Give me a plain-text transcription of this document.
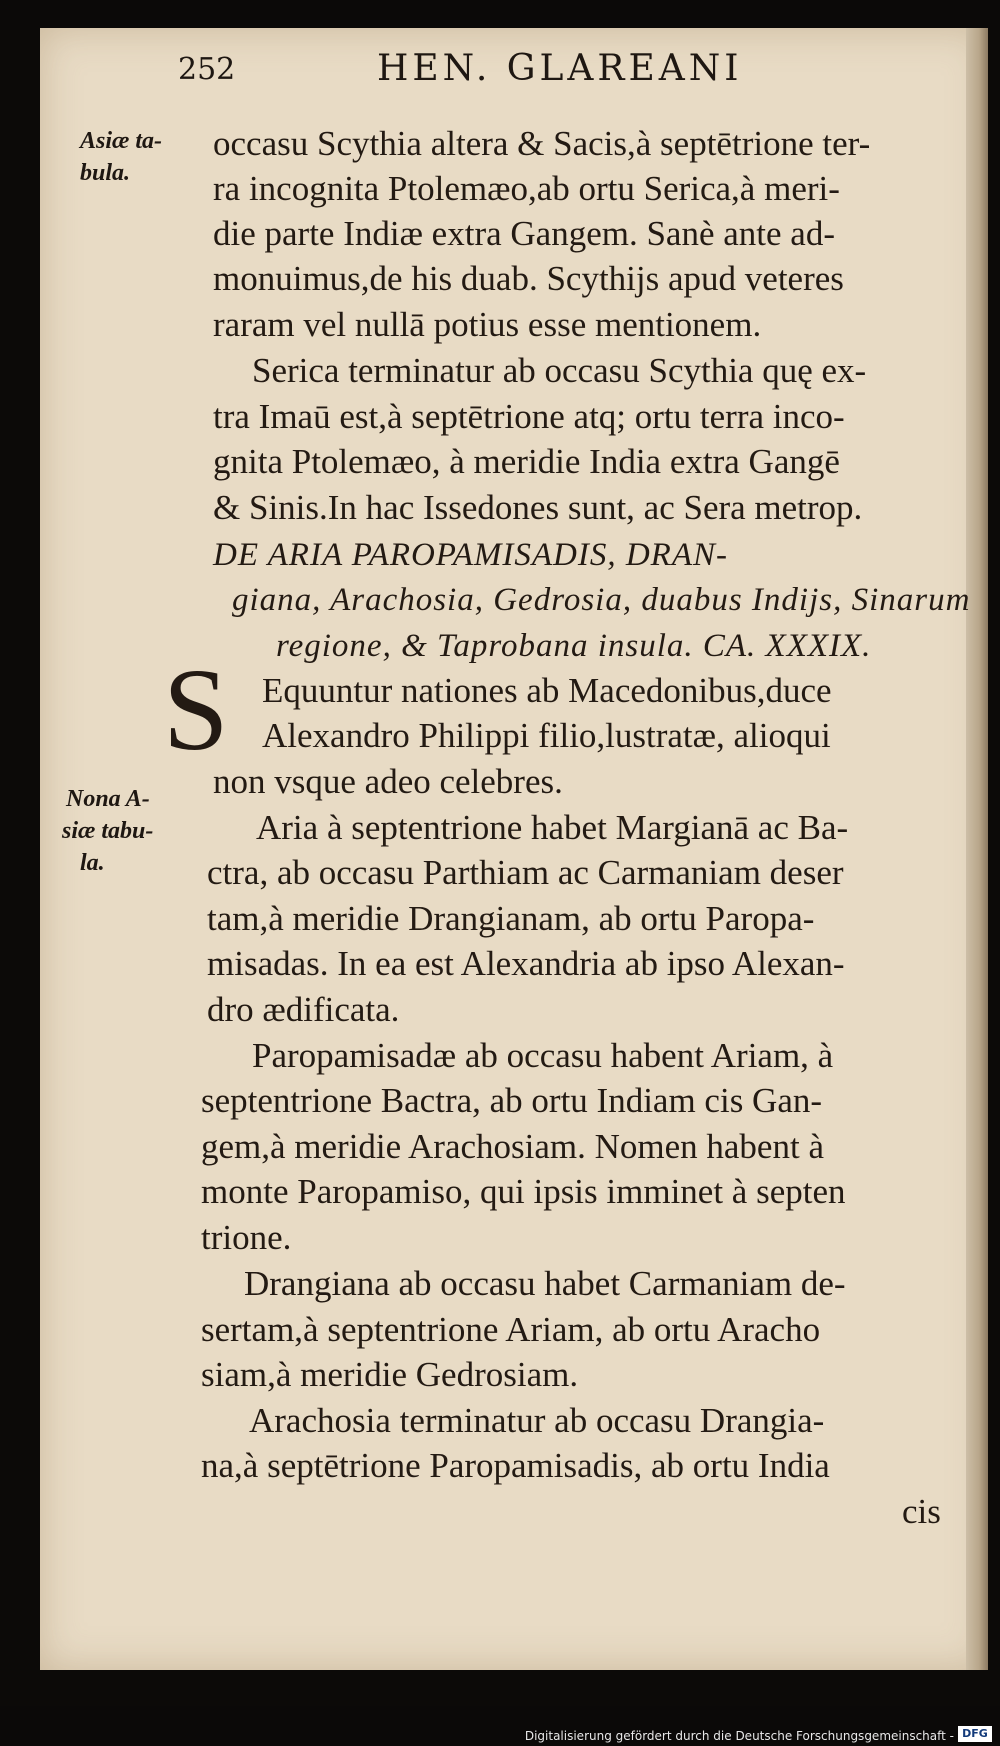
252	HEN. GLAREANI
Asiæ ta-
bula.
Nona A-
siæ tabu-
la.
occasu Scythia altera & Sacis,à septētrione ter-
ra incognita Ptolemæo,ab ortu Serica,à meri-
die parte Indiæ extra Gangem. Sanè ante ad-
monuimus,de his duab. Scythijs apud veteres
raram vel nullā potius esse mentionem.
Serica terminatur ab occasu Scythia quę ex-
tra Imaū est,à septētrione atq; ortu terra inco-
gnita Ptolemæo, à meridie India extra Gangē
& Sinis.In hac Issedones sunt, ac Sera metrop.
DE ARIA PAROPAMISADIS, DRAN-
giana, Arachosia, Gedrosia, duabus Indijs, Sinarum
regione, & Taprobana insula. CA. XXXIX.
S Equuntur nationes ab Macedonibus,duce
Alexandro Philippi filio,lustratæ, alioqui
non vsque adeo celebres.
Aria à septentrione habet Margianā ac Ba-
ctra, ab occasu Parthiam ac Carmaniam deser
tam,à meridie Drangianam, ab ortu Paropa-
misadas. In ea est Alexandria ab ipso Alexan-
dro ædificata.
Paropamisadæ ab occasu habent Ariam, à
septentrione Bactra, ab ortu Indiam cis Gan-
gem,à meridie Arachosiam. Nomen habent à
monte Paropamiso, qui ipsis imminet à septen
trione.
Drangiana ab occasu habet Carmaniam de-
sertam,à septentrione Ariam, ab ortu Aracho
siam,à meridie Gedrosiam.
Arachosia terminatur ab occasu Drangia-
na,à septētrione Paropamisadis, ab ortu India
cis
Digitalisierung gefördert durch die Deutsche Forschungsgemeinschaft - DFG
